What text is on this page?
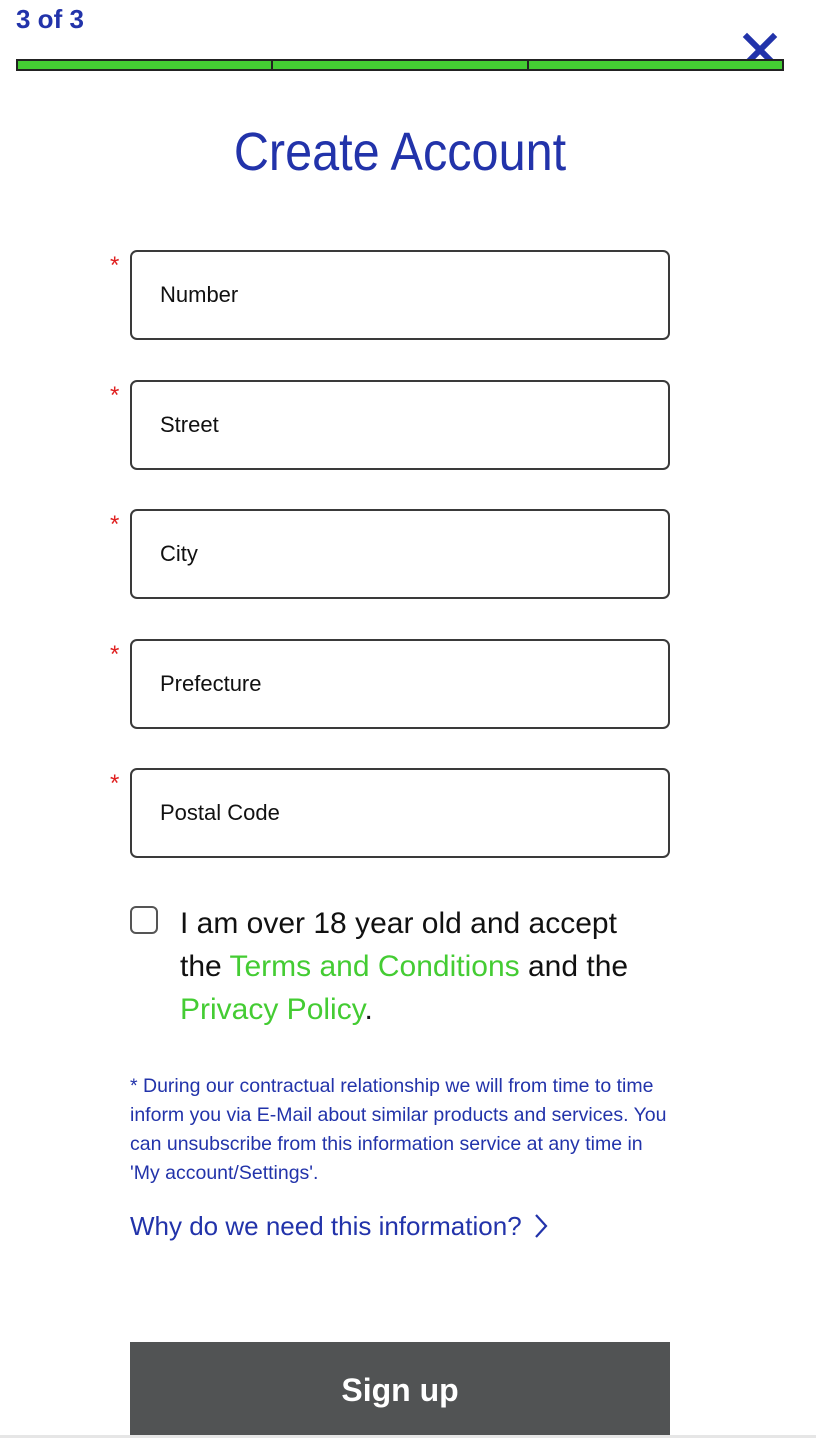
3 of 3
Create Account
*
Number
*
Street
*
City
*
Prefecture
*
Postal Code
I am over 18 year old and accept the Terms and Conditions and the Privacy Policy.
* During our contractual relationship we will from time to time inform you via E-Mail about similar products and services. You can unsubscribe from this information service at any time in 'My account/Settings'.
Why do we need this information?
Sign up
